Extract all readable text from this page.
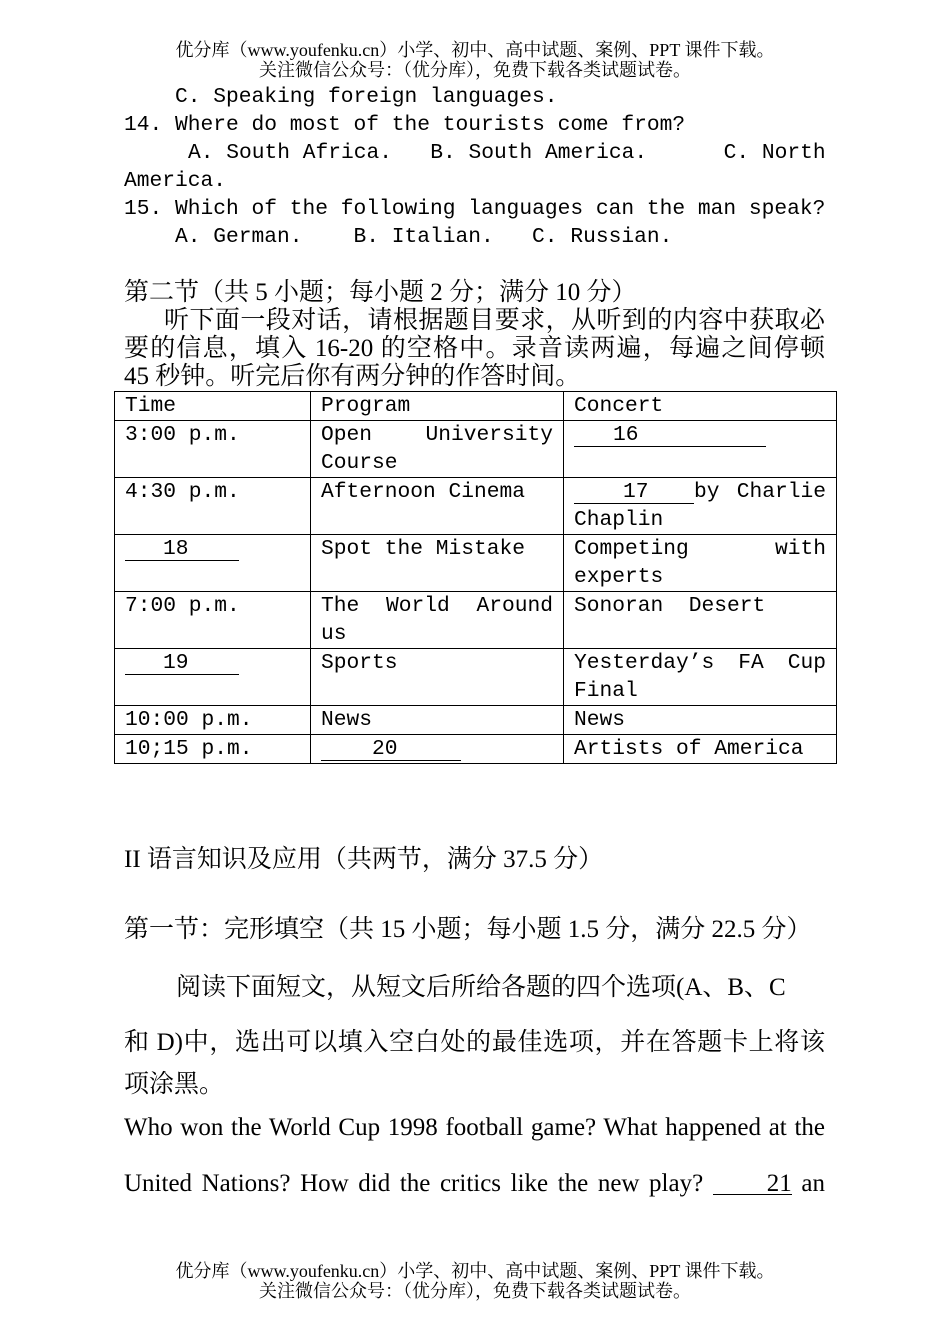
优分库（www.youfenku.cn）小学、初中、高中试题、案例、PPT 课件下载。
关注微信公众号：（优分库），免费下载各类试题试卷。
C. Speaking foreign languages.
14. Where do most of the tourists come from?
A. South Africa.   B. South America.      C. North
America.
15. Which of the following languages can the man speak?
A. German.    B. Italian.   C. Russian.
第二节（共 5 小题；每小题 2 分；满分 10 分）
听下面一段对话，请根据题目要求，从听到的内容中获取必
要的信息，填入 16-20 的空格中。录音读两遍，每遍之间停顿
45 秒钟。听完后你有两分钟的作答时间。
Time	Program	Concert
3:00 p.m.	Open University Course	16
4:30 p.m.	Afternoon Cinema	17 by Charlie Chaplin
18	Spot the Mistake	Competing with experts
7:00 p.m.	The World Around us	Sonoran  Desert
19	Sports	Yesterday’s FA Cup Final
10:00 p.m.	News	News
10;15 p.m.	20	Artists of America
II 语言知识及应用（共两节，满分 37.5 分）
第一节：完形填空（共 15 小题；每小题 1.5 分，满分 22.5 分）
阅读下面短文，从短文后所给各题的四个选项(A、B、C
和 D)中，选出可以填入空白处的最佳选项，并在答题卡上将该
项涂黑。
Who won the World Cup 1998 football game? What happened at the
United Nations? How did the critics like the new play?	21 an
优分库（www.youfenku.cn）小学、初中、高中试题、案例、PPT 课件下载。
关注微信公众号：（优分库），免费下载各类试题试卷。
